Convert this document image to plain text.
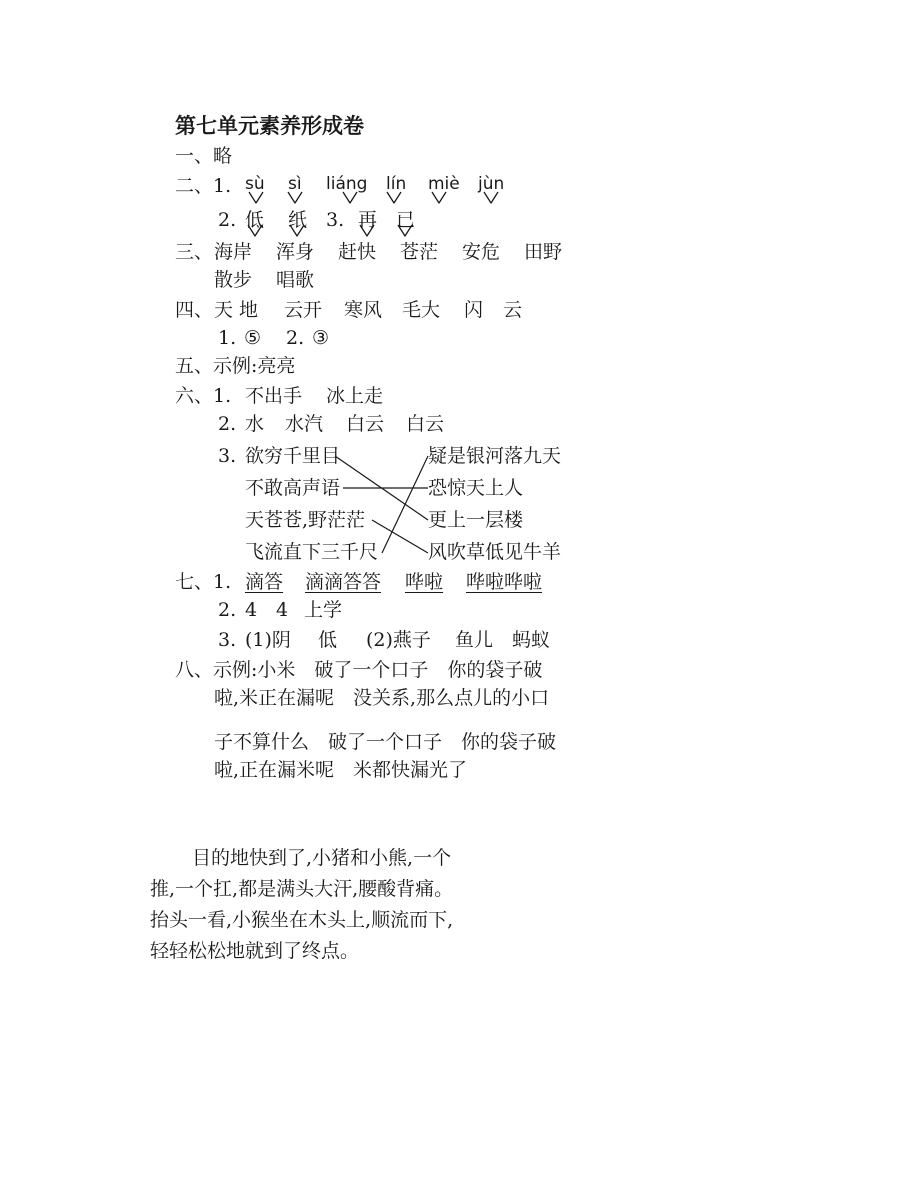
第七单元素养形成卷
一、略
二、1. sù sì liáng lín miè jùn
2. 低 纸 3. 再 已
三、 海岸 浑身 赶快 苍茫 安危 田野
散步 唱歌
四、 天 地 云开 寒风 毛大 闪 云
1. ⑤ 2. ③
五、示例:亮亮
六、1. 不出手 冰上走
2. 水 水汽 白云 白云
3. 欲穷千里目
不敢高声语
天苍苍,野茫茫
飞流直下三千尺
疑是银河落九天
恐惊天上人
更上一层楼
风吹草低见牛羊
七、1. 滴答 滴滴答答 哗啦 哗啦哗啦
2. 4 4 上学
3. (1)阴 低 (2)燕子 鱼儿 蚂蚁
八、示例:小米　破了一个口子　你的袋子破
啦,米正在漏呢　没关系,那么点儿的小口
子不算什么　破了一个口子　你的袋子破
啦,正在漏米呢　米都快漏光了
目的地快到了,小猪和小熊,一个
推,一个扛,都是满头大汗,腰酸背痛。
抬头一看,小猴坐在木头上,顺流而下,
轻轻松松地就到了终点。
